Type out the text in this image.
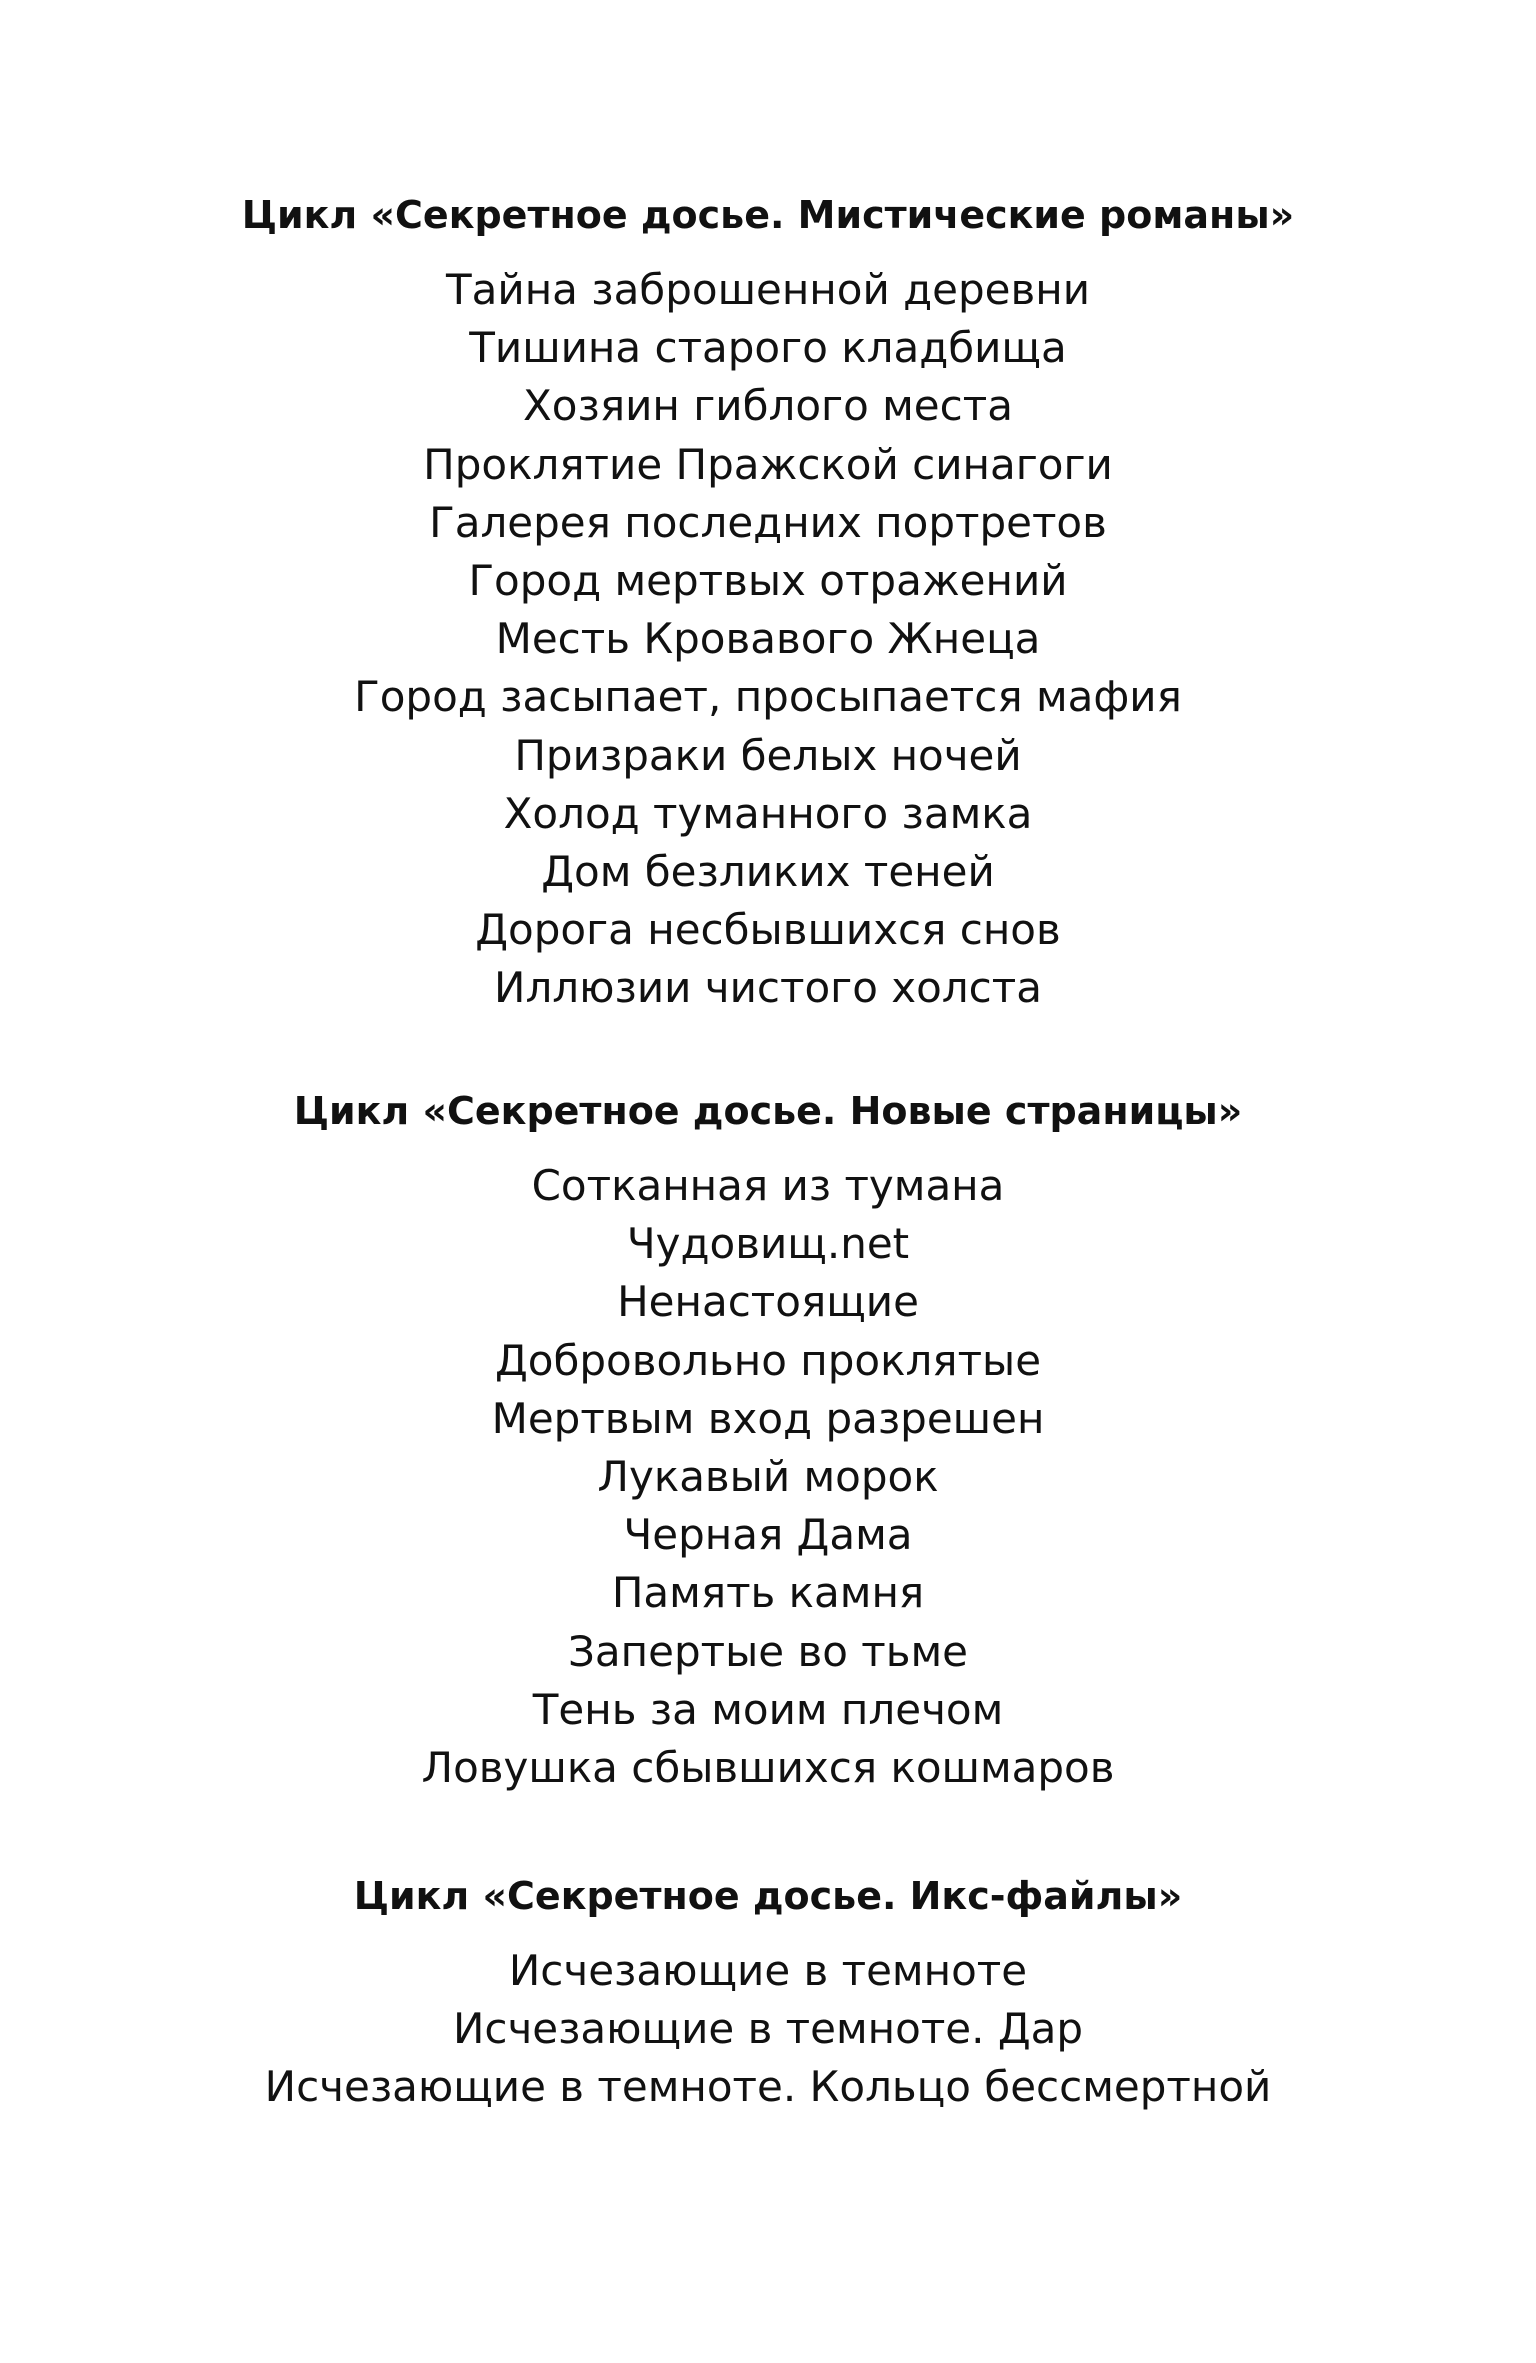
Цикл «Секретное досье. Мистические романы»
Тайна заброшенной деревни
Тишина старого кладбища
Хозяин гиблого места
Проклятие Пражской синагоги
Галерея последних портретов
Город мертвых отражений
Месть Кровавого Жнеца
Город засыпает, просыпается мафия
Призраки белых ночей
Холод туманного замка
Дом безликих теней
Дорога несбывшихся снов
Иллюзии чистого холста
Цикл «Секретное досье. Новые страницы»
Сотканная из тумана
Чудовищ.net
Ненастоящие
Добровольно проклятые
Мертвым вход разрешен
Лукавый морок
Черная Дама
Память камня
Запертые во тьме
Тень за моим плечом
Ловушка сбывшихся кошмаров
Цикл «Секретное досье. Икс-файлы»
Исчезающие в темноте
Исчезающие в темноте. Дар
Исчезающие в темноте. Кольцо бессмертной
